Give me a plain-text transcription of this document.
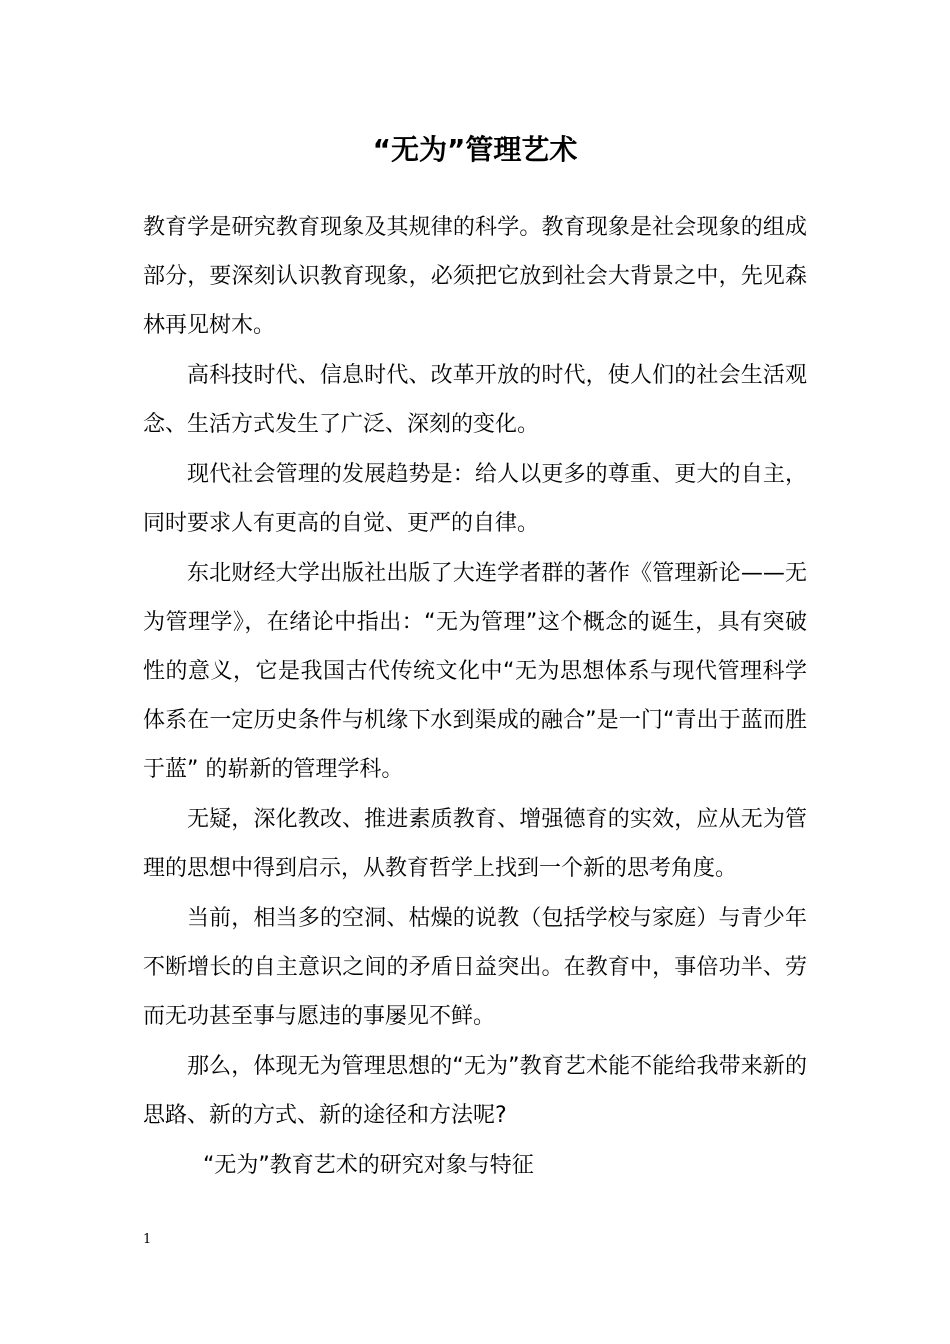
“无为”管理艺术

教育学是研究教育现象及其规律的科学。教育现象是社会现象的组成部分，要深刻认识教育现象，必须把它放到社会大背景之中，先见森林再见树木。

高科技时代、信息时代、改革开放的时代，使人们的社会生活观念、生活方式发生了广泛、深刻的变化。

现代社会管理的发展趋势是：给人以更多的尊重、更大的自主，同时要求人有更高的自觉、更严的自律。

东北财经大学出版社出版了大连学者群的著作《管理新论——无为管理学》，在绪论中指出：“无为管理”这个概念的诞生，具有突破性的意义，它是我国古代传统文化中“无为思想体系与现代管理科学体系在一定历史条件与机缘下水到渠成的融合”是一门“青出于蓝而胜于蓝” 的崭新的管理学科。

无疑，深化教改、推进素质教育、增强德育的实效，应从无为管理的思想中得到启示，从教育哲学上找到一个新的思考角度。

当前，相当多的空洞、枯燥的说教（包括学校与家庭）与青少年不断增长的自主意识之间的矛盾日益突出。在教育中，事倍功半、劳而无功甚至事与愿违的事屡见不鲜。

那么，体现无为管理思想的“无为”教育艺术能不能给我带来新的思路、新的方式、新的途径和方法呢?

“无为”教育艺术的研究对象与特征

1
